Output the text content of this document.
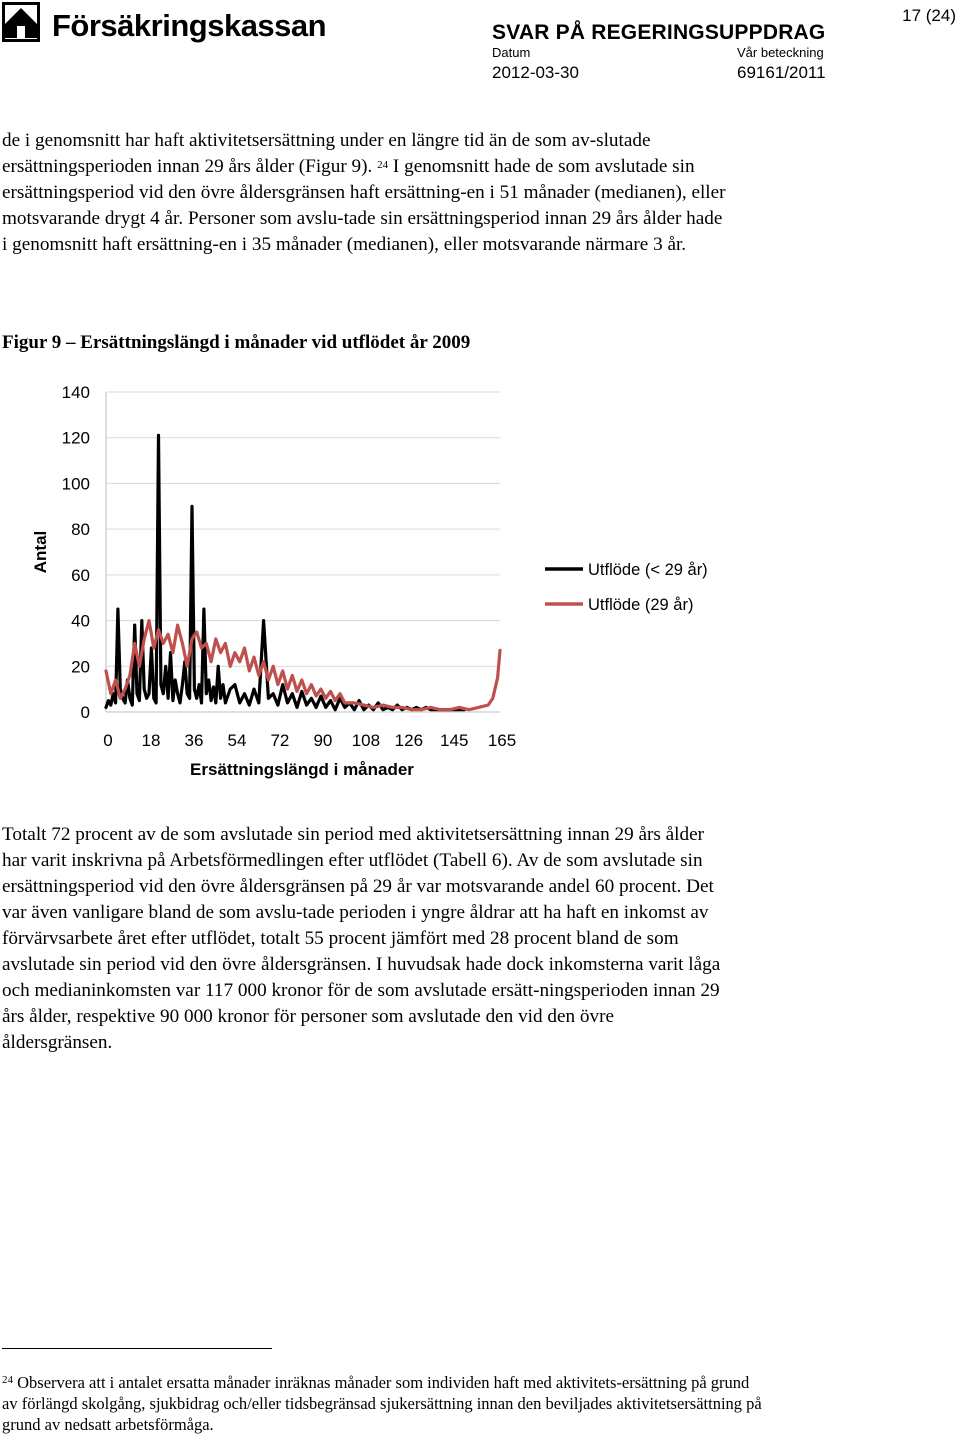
Försäkringskassan	17 (24)
SVAR PÅ REGERINGSUPPDRAG
Datum
2012-03-30
Vår beteckning
69161/2011

de i genomsnitt har haft aktivitetsersättning under en längre tid än de som av-slutade ersättningsperioden innan 29 års ålder (Figur 9). $^{24}$ I genomsnitt hade de som avslutade sin ersättningsperiod vid den övre åldersgränsen haft ersättning-en i 51 månader (medianen), eller motsvarande drygt 4 år. Personer som avslu-tade sin ersättningsperiod innan 29 års ålder hade i genomsnitt haft ersättning-en i 35 månader (medianen), eller motsvarande närmare 3 år.

Figur 9 – Ersättningslängd i månader vid utflödet år 2009
0
20
40
60
80
100
120
140
0 18 36 54 72 90 108 126 145 165
Utflöde (< 29 år)
Utflöde (29 år)
Ersättningslängd i månader
Antal

Totalt 72 procent av de som avslutade sin period med aktivitetsersättning innan 29 års ålder har varit inskrivna på Arbetsförmedlingen efter utflödet (Tabell 6). Av de som avslutade sin ersättningsperiod vid den övre åldersgränsen på 29 år var motsvarande andel 60 procent. Det var även vanligare bland de som avslu-tade perioden i yngre åldrar att ha haft en inkomst av förvärvsarbete året efter utflödet, totalt 55 procent jämfört med 28 procent bland de som avslutade sin period vid den övre åldersgränsen. I huvudsak hade dock inkomsterna varit låga och medianinkomsten var 117 000 kronor för de som avslutade ersätt-ningsperioden innan 29 års ålder, respektive 90 000 kronor för personer som avslutade den vid den övre åldersgränsen.

$^{24}$ Observera att i antalet ersatta månader inräknas månader som individen haft med aktivitets-ersättning på grund av förlängd skolgång, sjukbidrag och/eller tidsbegränsad sjukersättning innan den beviljades aktivitetsersättning på grund av nedsatt arbetsförmåga.
